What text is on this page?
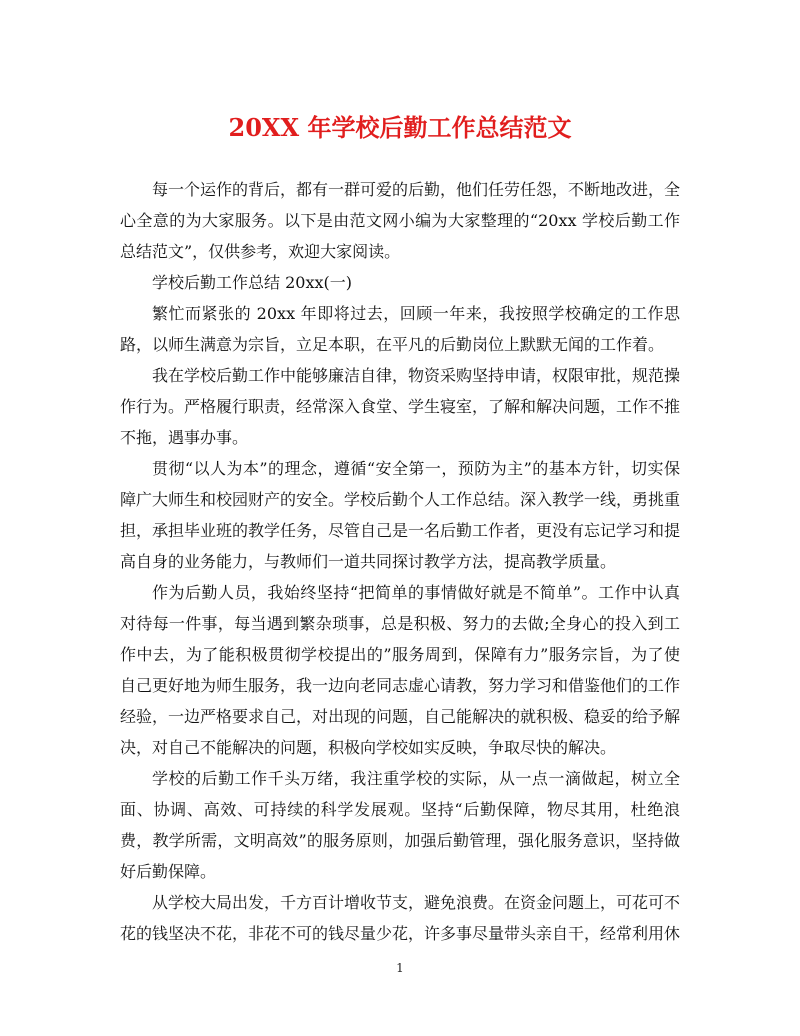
20XX 年学校后勤工作总结范文

每一个运作的背后，都有一群可爱的后勤，他们任劳任怨，不断地改进，全心全意的为大家服务。以下是由范文网小编为大家整理的“20xx 学校后勤工作总结范文”，仅供参考，欢迎大家阅读。

学校后勤工作总结 20xx(一)

繁忙而紧张的 20xx 年即将过去，回顾一年来，我按照学校确定的工作思路，以师生满意为宗旨，立足本职，在平凡的后勤岗位上默默无闻的工作着。

我在学校后勤工作中能够廉洁自律，物资采购坚持申请，权限审批，规范操作行为。严格履行职责，经常深入食堂、学生寝室，了解和解决问题，工作不推不拖，遇事办事。

贯彻“以人为本”的理念，遵循“安全第一，预防为主”的基本方针，切实保障广大师生和校园财产的安全。学校后勤个人工作总结。深入教学一线，勇挑重担，承担毕业班的教学任务，尽管自己是一名后勤工作者，更没有忘记学习和提高自身的业务能力，与教师们一道共同探讨教学方法，提高教学质量。

作为后勤人员，我始终坚持“把简单的事情做好就是不简单”。工作中认真对待每一件事，每当遇到繁杂琐事，总是积极、努力的去做;全身心的投入到工作中去，为了能积极贯彻学校提出的”服务周到，保障有力”服务宗旨，为了使自己更好地为师生服务，我一边向老同志虚心请教，努力学习和借鉴他们的工作经验，一边严格要求自己，对出现的问题，自己能解决的就积极、稳妥的给予解决，对自己不能解决的问题，积极向学校如实反映，争取尽快的解决。

学校的后勤工作千头万绪，我注重学校的实际，从一点一滴做起，树立全面、协调、高效、可持续的科学发展观。坚持“后勤保障，物尽其用，杜绝浪费，教学所需，文明高效”的服务原则，加强后勤管理，强化服务意识，坚持做好后勤保障。

从学校大局出发，千方百计增收节支，避免浪费。在资金问题上，可花可不花的钱坚决不花，非花不可的钱尽量少花，许多事尽量带头亲自干，经常利用休

1
